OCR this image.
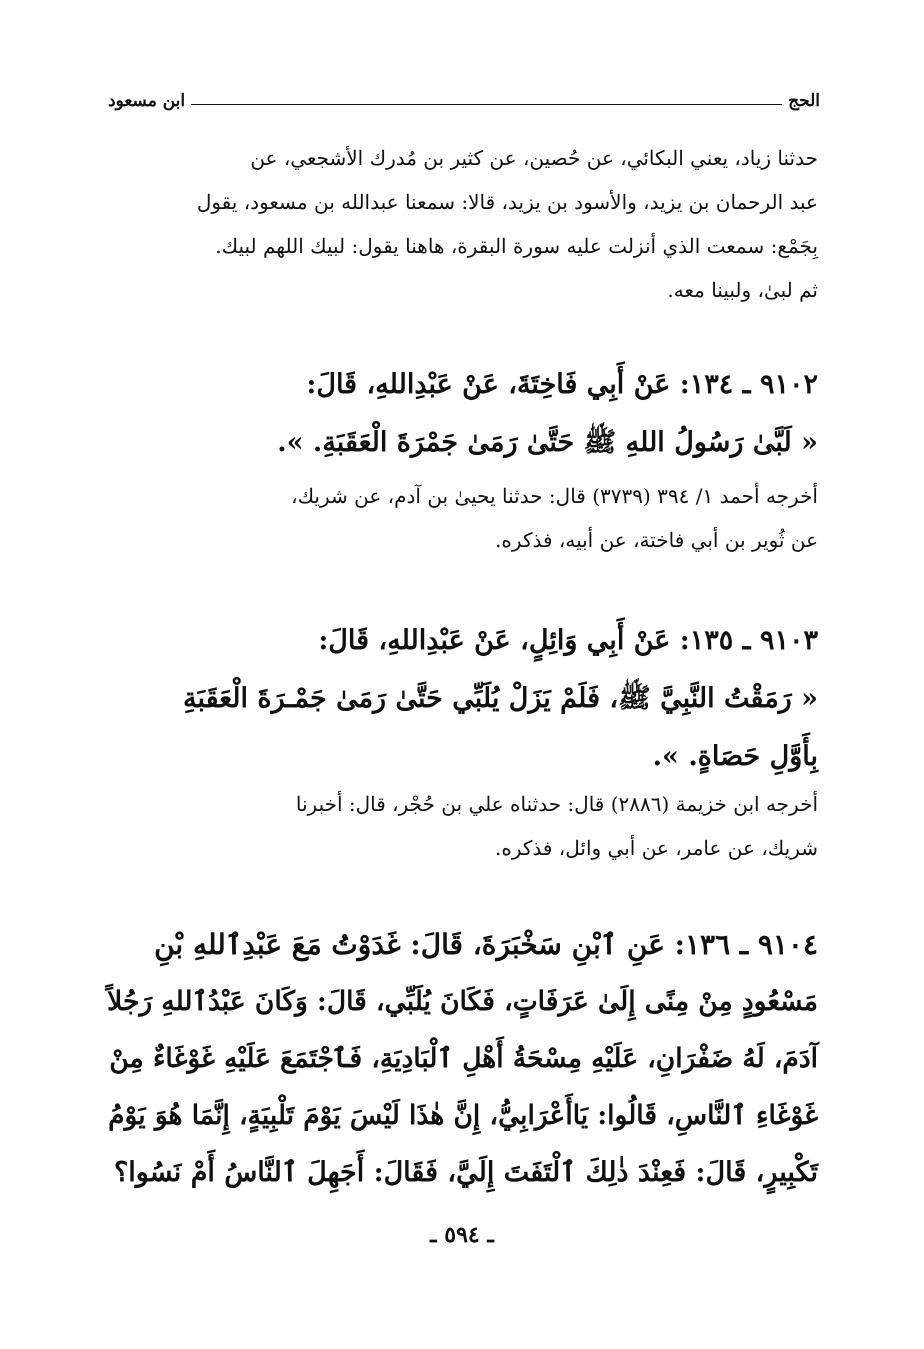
الحج
ابن مسعود
حدثنا زياد، يعني البكائي، عن حُصين، عن كثير بن مُدرك الأشجعي، عن
عبد الرحمان بن يزيد، والأسود بن يزيد، قالا: سمعنا عبدالله بن مسعود، يقول
بِجَمْع: سمعت الذي أنزلت عليه سورة البقرة، هاهنا يقول: لبيك اللهم لبيك.
ثم لبىٰ، ولبينا معه.
٩١٠٢ ـ ١٣٤: عَنْ أَبِي فَاخِتَةَ، عَنْ عَبْدِاللهِ، قَالَ:
« لَبَّىٰ رَسُولُ اللهِ ﷺ حَتَّىٰ رَمَىٰ جَمْرَةَ الْعَقَبَةِ. ».
أخرجه أحمد ١/ ٣٩٤ (٣٧٣٩) قال: حدثنا يحيىٰ بن آدم، عن شريك،
عن ثُوير بن أبي فاختة، عن أبيه، فذكره.
٩١٠٣ ـ ١٣٥: عَنْ أَبِي وَائِلٍ، عَنْ عَبْدِاللهِ، قَالَ:
« رَمَقْتُ النَّبِيَّ ﷺ، فَلَمْ يَزَلْ يُلَبِّي حَتَّىٰ رَمَىٰ جَمْـرَةَ الْعَقَبَةِ
بِأَوَّلِ حَصَاةٍ. ».
أخرجه ابن خزيمة (٢٨٨٦) قال: حدثناه علي بن حُجْر، قال: أخبرنا
شريك، عن عامر، عن أبي وائل، فذكره.
٩١٠٤ ـ ١٣٦: عَنِ ٱبْنِ سَخْبَرَةَ، قَالَ: غَدَوْتُ مَعَ عَبْدِٱللهِ بْنِ
مَسْعُودٍ مِنْ مِنًى إِلَىٰ عَرَفَاتٍ، فَكَانَ يُلَبِّي، قَالَ: وَكَانَ عَبْدُٱللهِ رَجُلاً
آدَمَ، لَهُ ضَفْرَانِ، عَلَيْهِ مِسْحَةُ أَهْلِ ٱلْبَادِيَةِ، فَٱجْتَمَعَ عَلَيْهِ غَوْغَاءٌ مِنْ
غَوْغَاءِ ٱلنَّاسِ، قَالُوا: يَاأَعْرَابِيُّ، إِنَّ هٰذَا لَيْسَ يَوْمَ تَلْبِيَةٍ، إِنَّمَا هُوَ يَوْمُ
تَكْبِيرٍ، قَالَ: فَعِنْدَ ذٰلِكَ ٱلْتَفَتَ إِلَيَّ، فَقَالَ: أَجَهِلَ ٱلنَّاسُ أَمْ نَسُوا؟
ـ ٥٩٤ ـ
